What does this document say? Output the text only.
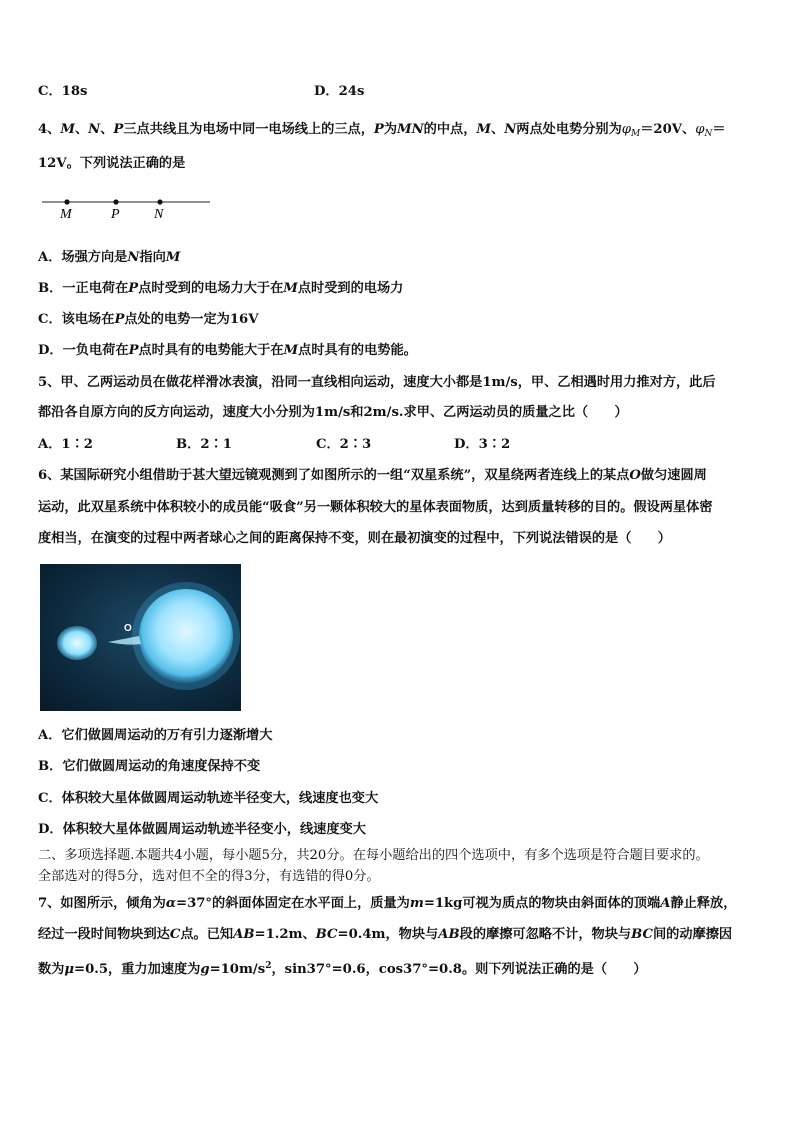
C．18s	D．24s
4、M、N、P三点共线且为电场中同一电场线上的三点，P为MN的中点，M、N两点处电势分别为$\varphi_M=20V$、$\varphi_N=$
12V。下列说法正确的是
M	P N
A．场强方向是N指向M
B．一正电荷在P点时受到的电场力大于在M点时受到的电场力
C．该电场在P点处的电势一定为16V
D．一负电荷在P点时具有的电势能大于在M点时具有的电势能。
5、甲、乙两运动员在做花样滑冰表演，沿同一直线相向运动，速度大小都是1m/s，甲、乙相遇时用力推对方，此后
都沿各自原方向的反方向运动，速度大小分别为1m/s和2m/s.求甲、乙两运动员的质量之比（　　）
A．1∶2	B．2∶1	C．2∶3	D．3∶2
6、某国际研究小组借助于甚大望远镜观测到了如图所示的一组“双星系统”，双星绕两者连线上的某点O做匀速圆周
运动，此双星系统中体积较小的成员能“吸食”另一颗体积较大的星体表面物质，达到质量转移的目的。假设两星体密
度相当，在演变的过程中两者球心之间的距离保持不变，则在最初演变的过程中，下列说法错误的是（　　）
O
A．它们做圆周运动的万有引力逐渐增大
B．它们做圆周运动的角速度保持不变
C．体积较大星体做圆周运动轨迹半径变大，线速度也变大
D．体积较大星体做圆周运动轨迹半径变小，线速度变大
二、多项选择题.本题共4小题，每小题5分，共20分。在每小题给出的四个选项中，有多个选项是符合题目要求的。
全部选对的得5分，选对但不全的得3分，有选错的得0分。
7、如图所示，倾角为α=37°的斜面体固定在水平面上，质量为m=1kg可视为质点的物块由斜面体的顶端A静止释放，
经过一段时间物块到达C点。已知AB=1.2m、BC=0.4m，物块与AB段的摩擦可忽略不计，物块与BC间的动摩擦因
数为μ=0.5，重力加速度为$g=10m/s^2$，sin37°=0.6，cos37°=0.8。则下列说法正确的是（　　）
